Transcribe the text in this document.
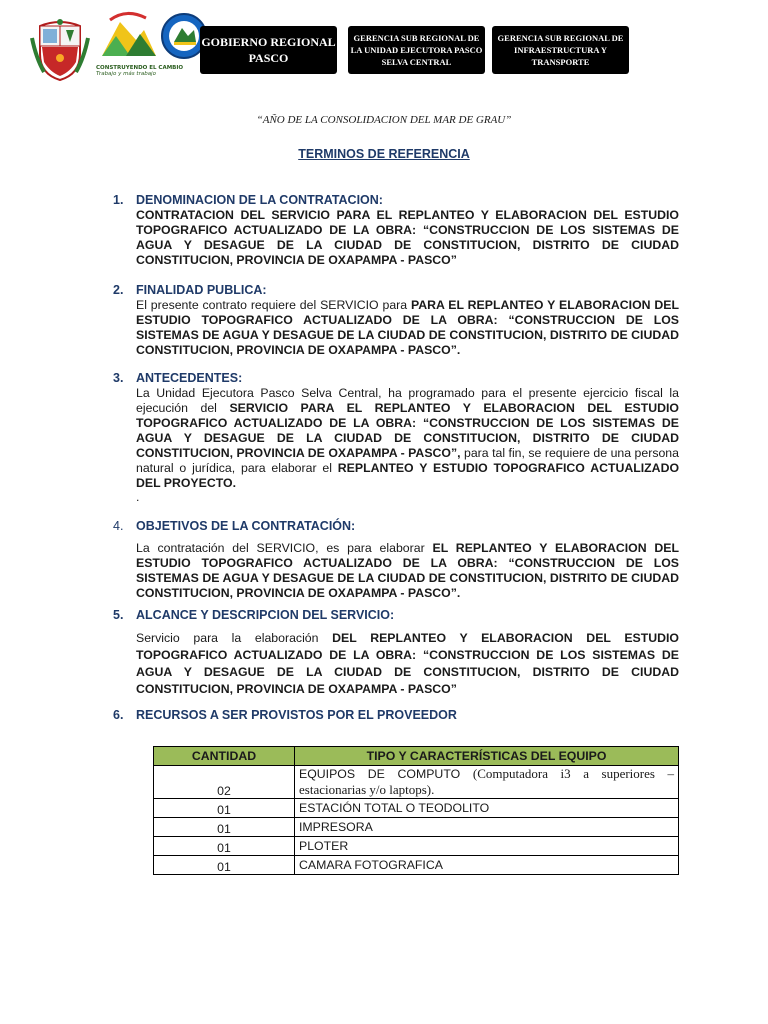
CONSTRUYENDO EL CAMBIO
Trabajo y más trabajo
GOBIERNO REGIONAL PASCO
GERENCIA SUB REGIONAL DE LA UNIDAD EJECUTORA PASCO SELVA CENTRAL
GERENCIA SUB REGIONAL DE INFRAESTRUCTURA Y TRANSPORTE
“AÑO DE LA CONSOLIDACION DEL MAR DE GRAU”
TERMINOS DE REFERENCIA
1. DENOMINACION DE LA CONTRATACION:
CONTRATACION DEL SERVICIO PARA EL REPLANTEO Y ELABORACION DEL ESTUDIO TOPOGRAFICO ACTUALIZADO DE LA OBRA: “CONSTRUCCION DE LOS SISTEMAS DE AGUA Y DESAGUE DE LA CIUDAD DE CONSTITUCION, DISTRITO DE CIUDAD CONSTITUCION, PROVINCIA DE OXAPAMPA - PASCO”
2. FINALIDAD PUBLICA:
El presente contrato requiere del SERVICIO para PARA EL REPLANTEO Y ELABORACION DEL ESTUDIO TOPOGRAFICO ACTUALIZADO DE LA OBRA: “CONSTRUCCION DE LOS SISTEMAS DE AGUA Y DESAGUE DE LA CIUDAD DE CONSTITUCION, DISTRITO DE CIUDAD CONSTITUCION, PROVINCIA DE OXAPAMPA - PASCO”.
3. ANTECEDENTES:
La Unidad Ejecutora Pasco Selva Central, ha programado para el presente ejercicio fiscal la ejecución del SERVICIO PARA EL REPLANTEO Y ELABORACION DEL ESTUDIO TOPOGRAFICO ACTUALIZADO DE LA OBRA: “CONSTRUCCION DE LOS SISTEMAS DE AGUA Y DESAGUE DE LA CIUDAD DE CONSTITUCION, DISTRITO DE CIUDAD CONSTITUCION, PROVINCIA DE OXAPAMPA - PASCO”, para tal fin, se requiere de una persona natural o jurídica, para elaborar el REPLANTEO Y ESTUDIO TOPOGRAFICO ACTUALIZADO DEL PROYECTO.
.
4. OBJETIVOS DE LA CONTRATACIÓN:
La contratación del SERVICIO, es para elaborar EL REPLANTEO Y ELABORACION DEL ESTUDIO TOPOGRAFICO ACTUALIZADO DE LA OBRA: “CONSTRUCCION DE LOS SISTEMAS DE AGUA Y DESAGUE DE LA CIUDAD DE CONSTITUCION, DISTRITO DE CIUDAD CONSTITUCION, PROVINCIA DE OXAPAMPA - PASCO”.
5. ALCANCE Y DESCRIPCION DEL SERVICIO:
Servicio para la elaboración DEL REPLANTEO Y ELABORACION DEL ESTUDIO TOPOGRAFICO ACTUALIZADO DE LA OBRA: “CONSTRUCCION DE LOS SISTEMAS DE AGUA Y DESAGUE DE LA CIUDAD DE CONSTITUCION, DISTRITO DE CIUDAD CONSTITUCION, PROVINCIA DE OXAPAMPA - PASCO”
6. RECURSOS A SER PROVISTOS POR EL PROVEEDOR
CANTIDAD	TIPO Y CARACTERÍSTICAS DEL EQUIPO
02	EQUIPOS DE COMPUTO (Computadora i3 a superiores – estacionarias y/o laptops).
01	ESTACIÓN TOTAL O TEODOLITO
01	IMPRESORA
01	PLOTER
01	CAMARA FOTOGRAFICA
